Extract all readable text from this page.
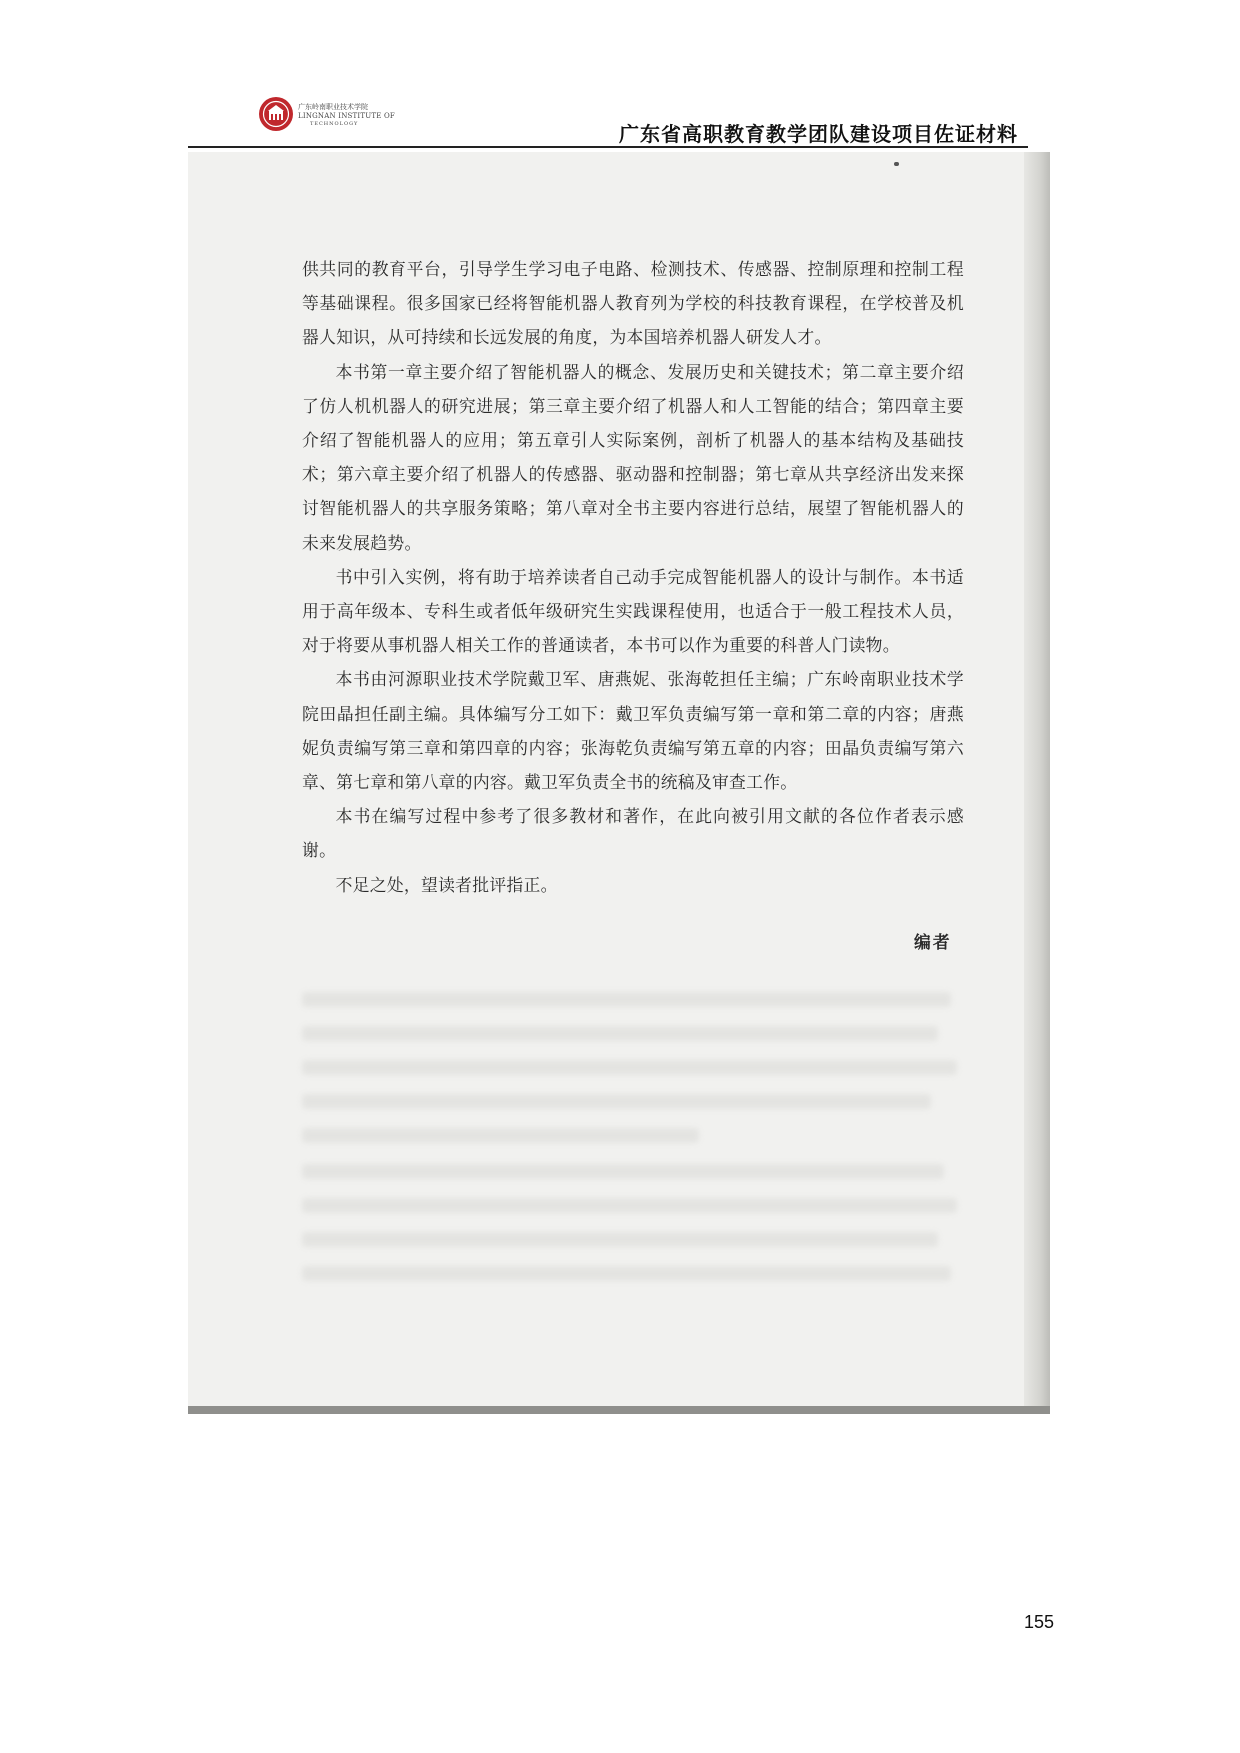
广东岭南职业技术学院
LINGNAN INSTITUTE OF
TECHNOLOGY	广东省高职教育教学团队建设项目佐证材料

供共同的教育平台，引导学生学习电子电路、检测技术、传感器、控制原理和控制工程等基础课程。很多国家已经将智能机器人教育列为学校的科技教育课程，在学校普及机器人知识，从可持续和长远发展的角度，为本国培养机器人研发人才。

本书第一章主要介绍了智能机器人的概念、发展历史和关键技术；第二章主要介绍了仿人机机器人的研究进展；第三章主要介绍了机器人和人工智能的结合；第四章主要介绍了智能机器人的应用；第五章引人实际案例，剖析了机器人的基本结构及基础技术；第六章主要介绍了机器人的传感器、驱动器和控制器；第七章从共享经济出发来探讨智能机器人的共享服务策略；第八章对全书主要内容进行总结，展望了智能机器人的未来发展趋势。

书中引入实例，将有助于培养读者自己动手完成智能机器人的设计与制作。本书适用于高年级本、专科生或者低年级研究生实践课程使用，也适合于一般工程技术人员，对于将要从事机器人相关工作的普通读者，本书可以作为重要的科普人门读物。

本书由河源职业技术学院戴卫军、唐燕妮、张海乾担任主编；广东岭南职业技术学院田晶担任副主编。具体编写分工如下：戴卫军负责编写第一章和第二章的内容；唐燕妮负责编写第三章和第四章的内容；张海乾负责编写第五章的内容；田晶负责编写第六章、第七章和第八章的内容。戴卫军负责全书的统稿及审查工作。

本书在编写过程中参考了很多教材和著作，在此向被引用文献的各位作者表示感谢。

不足之处，望读者批评指正。

编者
155
